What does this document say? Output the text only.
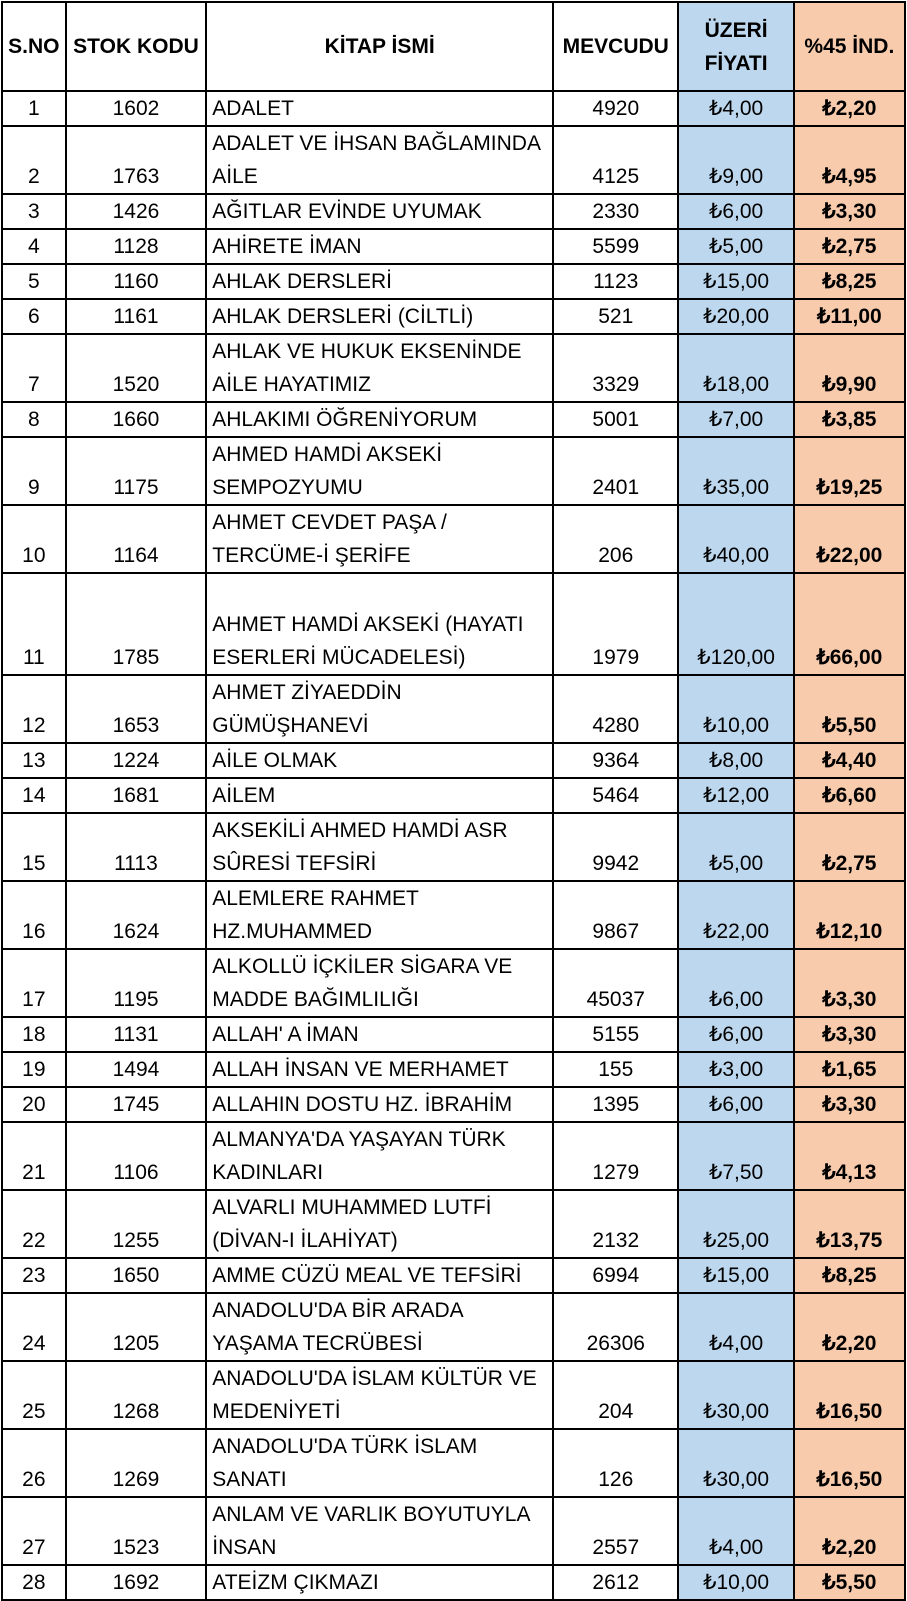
S.NO	STOK KODU	KİTAP İSMİ	MEVCUDU	ÜZERİ FİYATI	%45 İND.
1	1602	ADALET	4920	₺4,00	₺2,20
2	1763	ADALET VE İHSAN BAĞLAMINDA AİLE	4125	₺9,00	₺4,95
3	1426	AĞITLAR EVİNDE UYUMAK	2330	₺6,00	₺3,30
4	1128	AHİRETE İMAN	5599	₺5,00	₺2,75
5	1160	AHLAK DERSLERİ	1123	₺15,00	₺8,25
6	1161	AHLAK DERSLERİ (CİLTLİ)	521	₺20,00	₺11,00
7	1520	AHLAK VE HUKUK EKSENİNDE AİLE HAYATIMIZ	3329	₺18,00	₺9,90
8	1660	AHLAKIMI ÖĞRENİYORUM	5001	₺7,00	₺3,85
9	1175	AHMED HAMDİ AKSEKİ SEMPOZYUMU	2401	₺35,00	₺19,25
10	1164	AHMET CEVDET PAŞA / TERCÜME-İ ŞERİFE	206	₺40,00	₺22,00
11	1785	AHMET HAMDİ AKSEKİ (HAYATI ESERLERİ MÜCADELESİ)	1979	₺120,00	₺66,00
12	1653	AHMET ZİYAEDDİN GÜMÜŞHANEVİ	4280	₺10,00	₺5,50
13	1224	AİLE OLMAK	9364	₺8,00	₺4,40
14	1681	AİLEM	5464	₺12,00	₺6,60
15	1113	AKSEKİLİ AHMED HAMDİ ASR SÛRESİ TEFSİRİ	9942	₺5,00	₺2,75
16	1624	ALEMLERE RAHMET HZ.MUHAMMED	9867	₺22,00	₺12,10
17	1195	ALKOLLÜ İÇKİLER SİGARA VE MADDE BAĞIMLILIĞI	45037	₺6,00	₺3,30
18	1131	ALLAH' A İMAN	5155	₺6,00	₺3,30
19	1494	ALLAH İNSAN VE MERHAMET	155	₺3,00	₺1,65
20	1745	ALLAHIN DOSTU HZ. İBRAHİM	1395	₺6,00	₺3,30
21	1106	ALMANYA'DA YAŞAYAN TÜRK KADINLARI	1279	₺7,50	₺4,13
22	1255	ALVARLI MUHAMMED LUTFİ (DİVAN-I İLAHİYAT)	2132	₺25,00	₺13,75
23	1650	AMME CÜZÜ MEAL VE TEFSİRİ	6994	₺15,00	₺8,25
24	1205	ANADOLU'DA BİR ARADA YAŞAMA TECRÜBESİ	26306	₺4,00	₺2,20
25	1268	ANADOLU'DA İSLAM KÜLTÜR VE MEDENİYETİ	204	₺30,00	₺16,50
26	1269	ANADOLU'DA TÜRK İSLAM SANATI	126	₺30,00	₺16,50
27	1523	ANLAM VE VARLIK BOYUTUYLA İNSAN	2557	₺4,00	₺2,20
28	1692	ATEİZM ÇIKMAZI	2612	₺10,00	₺5,50
